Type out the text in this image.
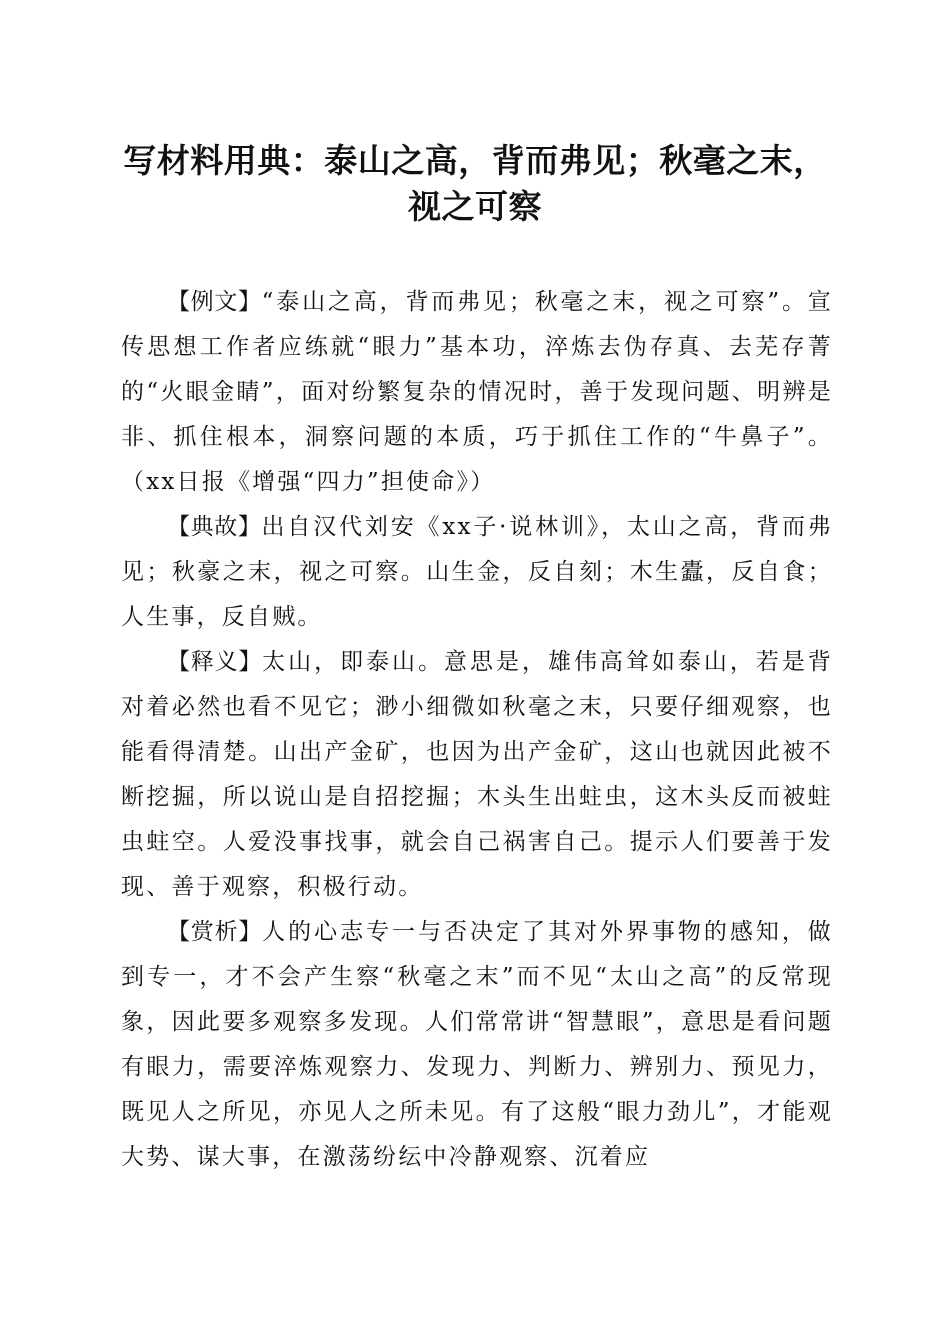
写材料用典：泰山之高，背而弗见；秋毫之末，
视之可察

【例文】“泰山之高，背而弗见；秋毫之末，视之可察”。宣传思想工作者应练就“眼力”基本功，淬炼去伪存真、去芜存菁的“火眼金睛”，面对纷繁复杂的情况时，善于发现问题、明辨是非、抓住根本，洞察问题的本质，巧于抓住工作的“牛鼻子”。（xx日报《增强“四力”担使命》）

【典故】出自汉代刘安《xx子·说林训》，太山之高，背而弗见；秋豪之末，视之可察。山生金，反自刻；木生蠹，反自食；人生事，反自贼。

【释义】太山，即泰山。意思是，雄伟高耸如泰山，若是背对着必然也看不见它；渺小细微如秋毫之末，只要仔细观察，也能看得清楚。山出产金矿，也因为出产金矿，这山也就因此被不断挖掘，所以说山是自招挖掘；木头生出蛀虫，这木头反而被蛀虫蛀空。人爱没事找事，就会自己祸害自己。提示人们要善于发现、善于观察，积极行动。

【赏析】人的心志专一与否决定了其对外界事物的感知，做到专一，才不会产生察“秋毫之末”而不见“太山之高”的反常现象，因此要多观察多发现。人们常常讲“智慧眼”，意思是看问题有眼力，需要淬炼观察力、发现力、判断力、辨别力、预见力，既见人之所见，亦见人之所未见。有了这般“眼力劲儿”，才能观大势、谋大事，在激荡纷纭中冷静观察、沉着应
